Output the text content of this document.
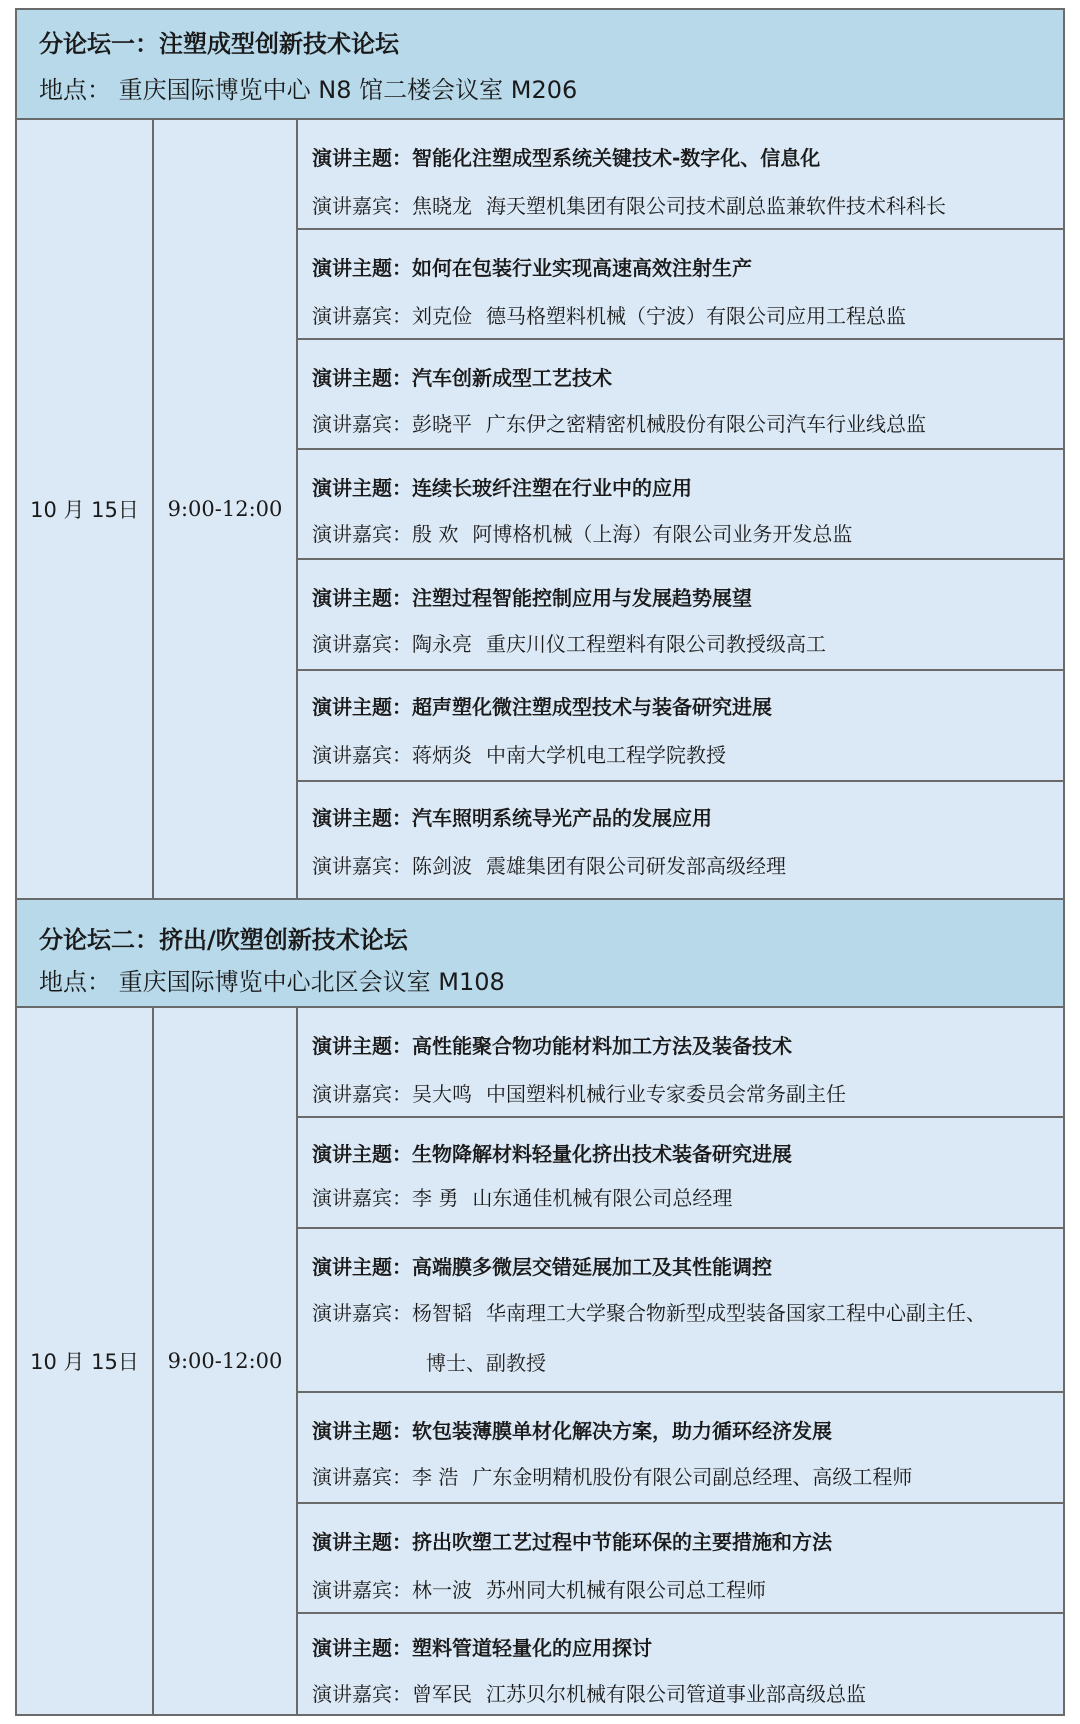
分论坛一：注塑成型创新技术论坛
地点： 重庆国际博览中心 N8 馆二楼会议室 M206
10 月 15日	9:00-12:00
演讲主题：智能化注塑成型系统关键技术-数字化、信息化
演讲嘉宾：焦晓龙 海天塑机集团有限公司技术副总监兼软件技术科科长
演讲主题：如何在包装行业实现高速高效注射生产
演讲嘉宾：刘克俭 德马格塑料机械（宁波）有限公司应用工程总监
演讲主题：汽车创新成型工艺技术
演讲嘉宾：彭晓平 广东伊之密精密机械股份有限公司汽车行业线总监
演讲主题：连续长玻纤注塑在行业中的应用
演讲嘉宾：殷 欢 阿博格机械（上海）有限公司业务开发总监
演讲主题：注塑过程智能控制应用与发展趋势展望
演讲嘉宾：陶永亮 重庆川仪工程塑料有限公司教授级高工
演讲主题：超声塑化微注塑成型技术与装备研究进展
演讲嘉宾：蒋炳炎 中南大学机电工程学院教授
演讲主题：汽车照明系统导光产品的发展应用
演讲嘉宾：陈剑波 震雄集团有限公司研发部高级经理
分论坛二：挤出/吹塑创新技术论坛
地点： 重庆国际博览中心北区会议室 M108
10 月 15日	9:00-12:00
演讲主题：高性能聚合物功能材料加工方法及装备技术
演讲嘉宾：吴大鸣 中国塑料机械行业专家委员会常务副主任
演讲主题：生物降解材料轻量化挤出技术装备研究进展
演讲嘉宾：李 勇 山东通佳机械有限公司总经理
演讲主题：高端膜多微层交错延展加工及其性能调控
演讲嘉宾：杨智韬 华南理工大学聚合物新型成型装备国家工程中心副主任、
博士、副教授
演讲主题：软包装薄膜单材化解决方案，助力循环经济发展
演讲嘉宾：李 浩 广东金明精机股份有限公司副总经理、高级工程师
演讲主题：挤出吹塑工艺过程中节能环保的主要措施和方法
演讲嘉宾：林一波 苏州同大机械有限公司总工程师
演讲主题：塑料管道轻量化的应用探讨
演讲嘉宾：曾军民 江苏贝尔机械有限公司管道事业部高级总监
